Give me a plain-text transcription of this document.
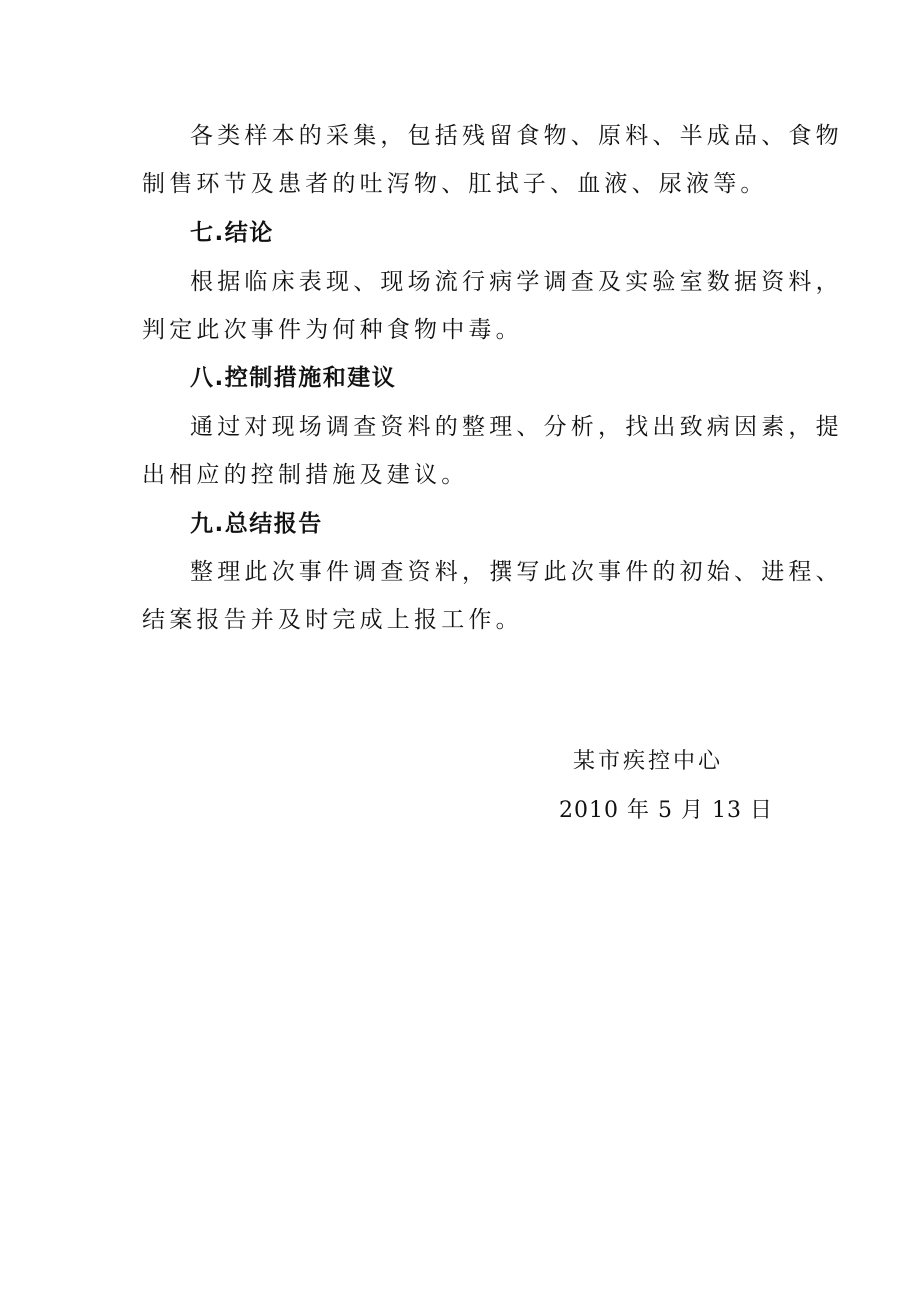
各类样本的采集，包括残留食物、原料、半成品、食物
制售环节及患者的吐泻物、肛拭子、血液、尿液等。
七.结论
根据临床表现、现场流行病学调查及实验室数据资料，
判定此次事件为何种食物中毒。
八.控制措施和建议
通过对现场调查资料的整理、分析，找出致病因素，提
出相应的控制措施及建议。
九.总结报告
整理此次事件调查资料，撰写此次事件的初始、进程、
结案报告并及时完成上报工作。
某市疾控中心
2010 年 5 月 13 日
